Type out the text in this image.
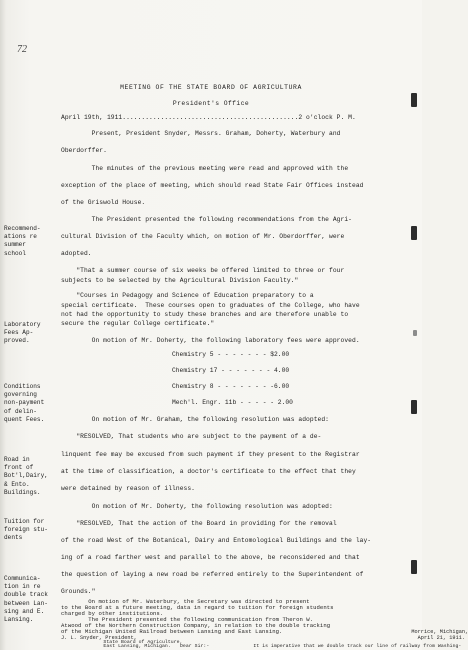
72
MEETING OF THE STATE BOARD OF AGRICULTURA
President's Office
April 19th, 1911..............................................2 o'clock P. M.
Present, President Snyder, Messrs. Graham, Doherty, Waterbury and
Oberdorffer.
The minutes of the previous meeting were read and approved with the
exception of the place of meeting, which should read State Fair Offices instead
of the Griswold House.
The President presented the following recommendations from the Agri-
cultural Division of the Faculty which, on motion of Mr. Oberdorffer, were
adopted.
"That a summer course of six weeks be offered limited to three or four
subjects to be selected by the Agricultural Division Faculty."
"Courses in Pedagogy and Science of Education preparatory to a
special certificate.  These courses open to graduates of the College, who have
not had the opportunity to study these branches and are therefore unable to
secure the regular College certificate."
On motion of Mr. Doherty, the following laboratory fees were approved.
Chemistry 5 - - - - - - - $2.00
Chemistry 17 - - - - - - - 4.00
Chemistry 8 - - - - - - - -6.00
Mech'l. Engr. 11b - - - - - 2.00
On motion of Mr. Graham, the following resolution was adopted:
"RESOLVED, That students who are subject to the payment of a de-
linquent fee may be excused from such payment if they present to the Registrar
at the time of classification, a doctor's certificate to the effect that they
were detained by reason of illness.
On motion of Mr. Doherty, the following resolution was adopted:
"RESOLVED, That the action of the Board in providing for the removal
of the road West of the Botanical, Dairy and Entomological Buildings and the lay-
ing of a road farther west and parallel to the above, be reconsidered and that
the question of laying a new road be referred entirely to the Superintendent of
Grounds."
On motion of Mr. Waterbury, the Secretary was directed to present
to the Board at a future meeting, data in regard to tuition for foreign students
charged by other institutions.
The President presented the following communication from Theron W.
Atwood of the Northern Construction Company, in relation to the double tracking
of the Michigan United Railroad between Lansing and East Lansing.
Morrice, Michigan,
April 21, 1911.
J. L. Snyder, President,
State Board of Agriculture,
East Lansing, Michigan. Dear Sir:-	It is imperative that we double track our line of railway from Washing-
Recommend-
ations re
summer
school
Laboratory
Fees Ap-
proved.
Conditions
governing
non-payment
of delin-
quent Fees.
Road in
front of
Bot'l,Dairy,
& Ento.
Buildings.
Tuition for
foreign stu-
dents
Communica-
tion in re
double track
between Lan-
sing and E.
Lansing.
